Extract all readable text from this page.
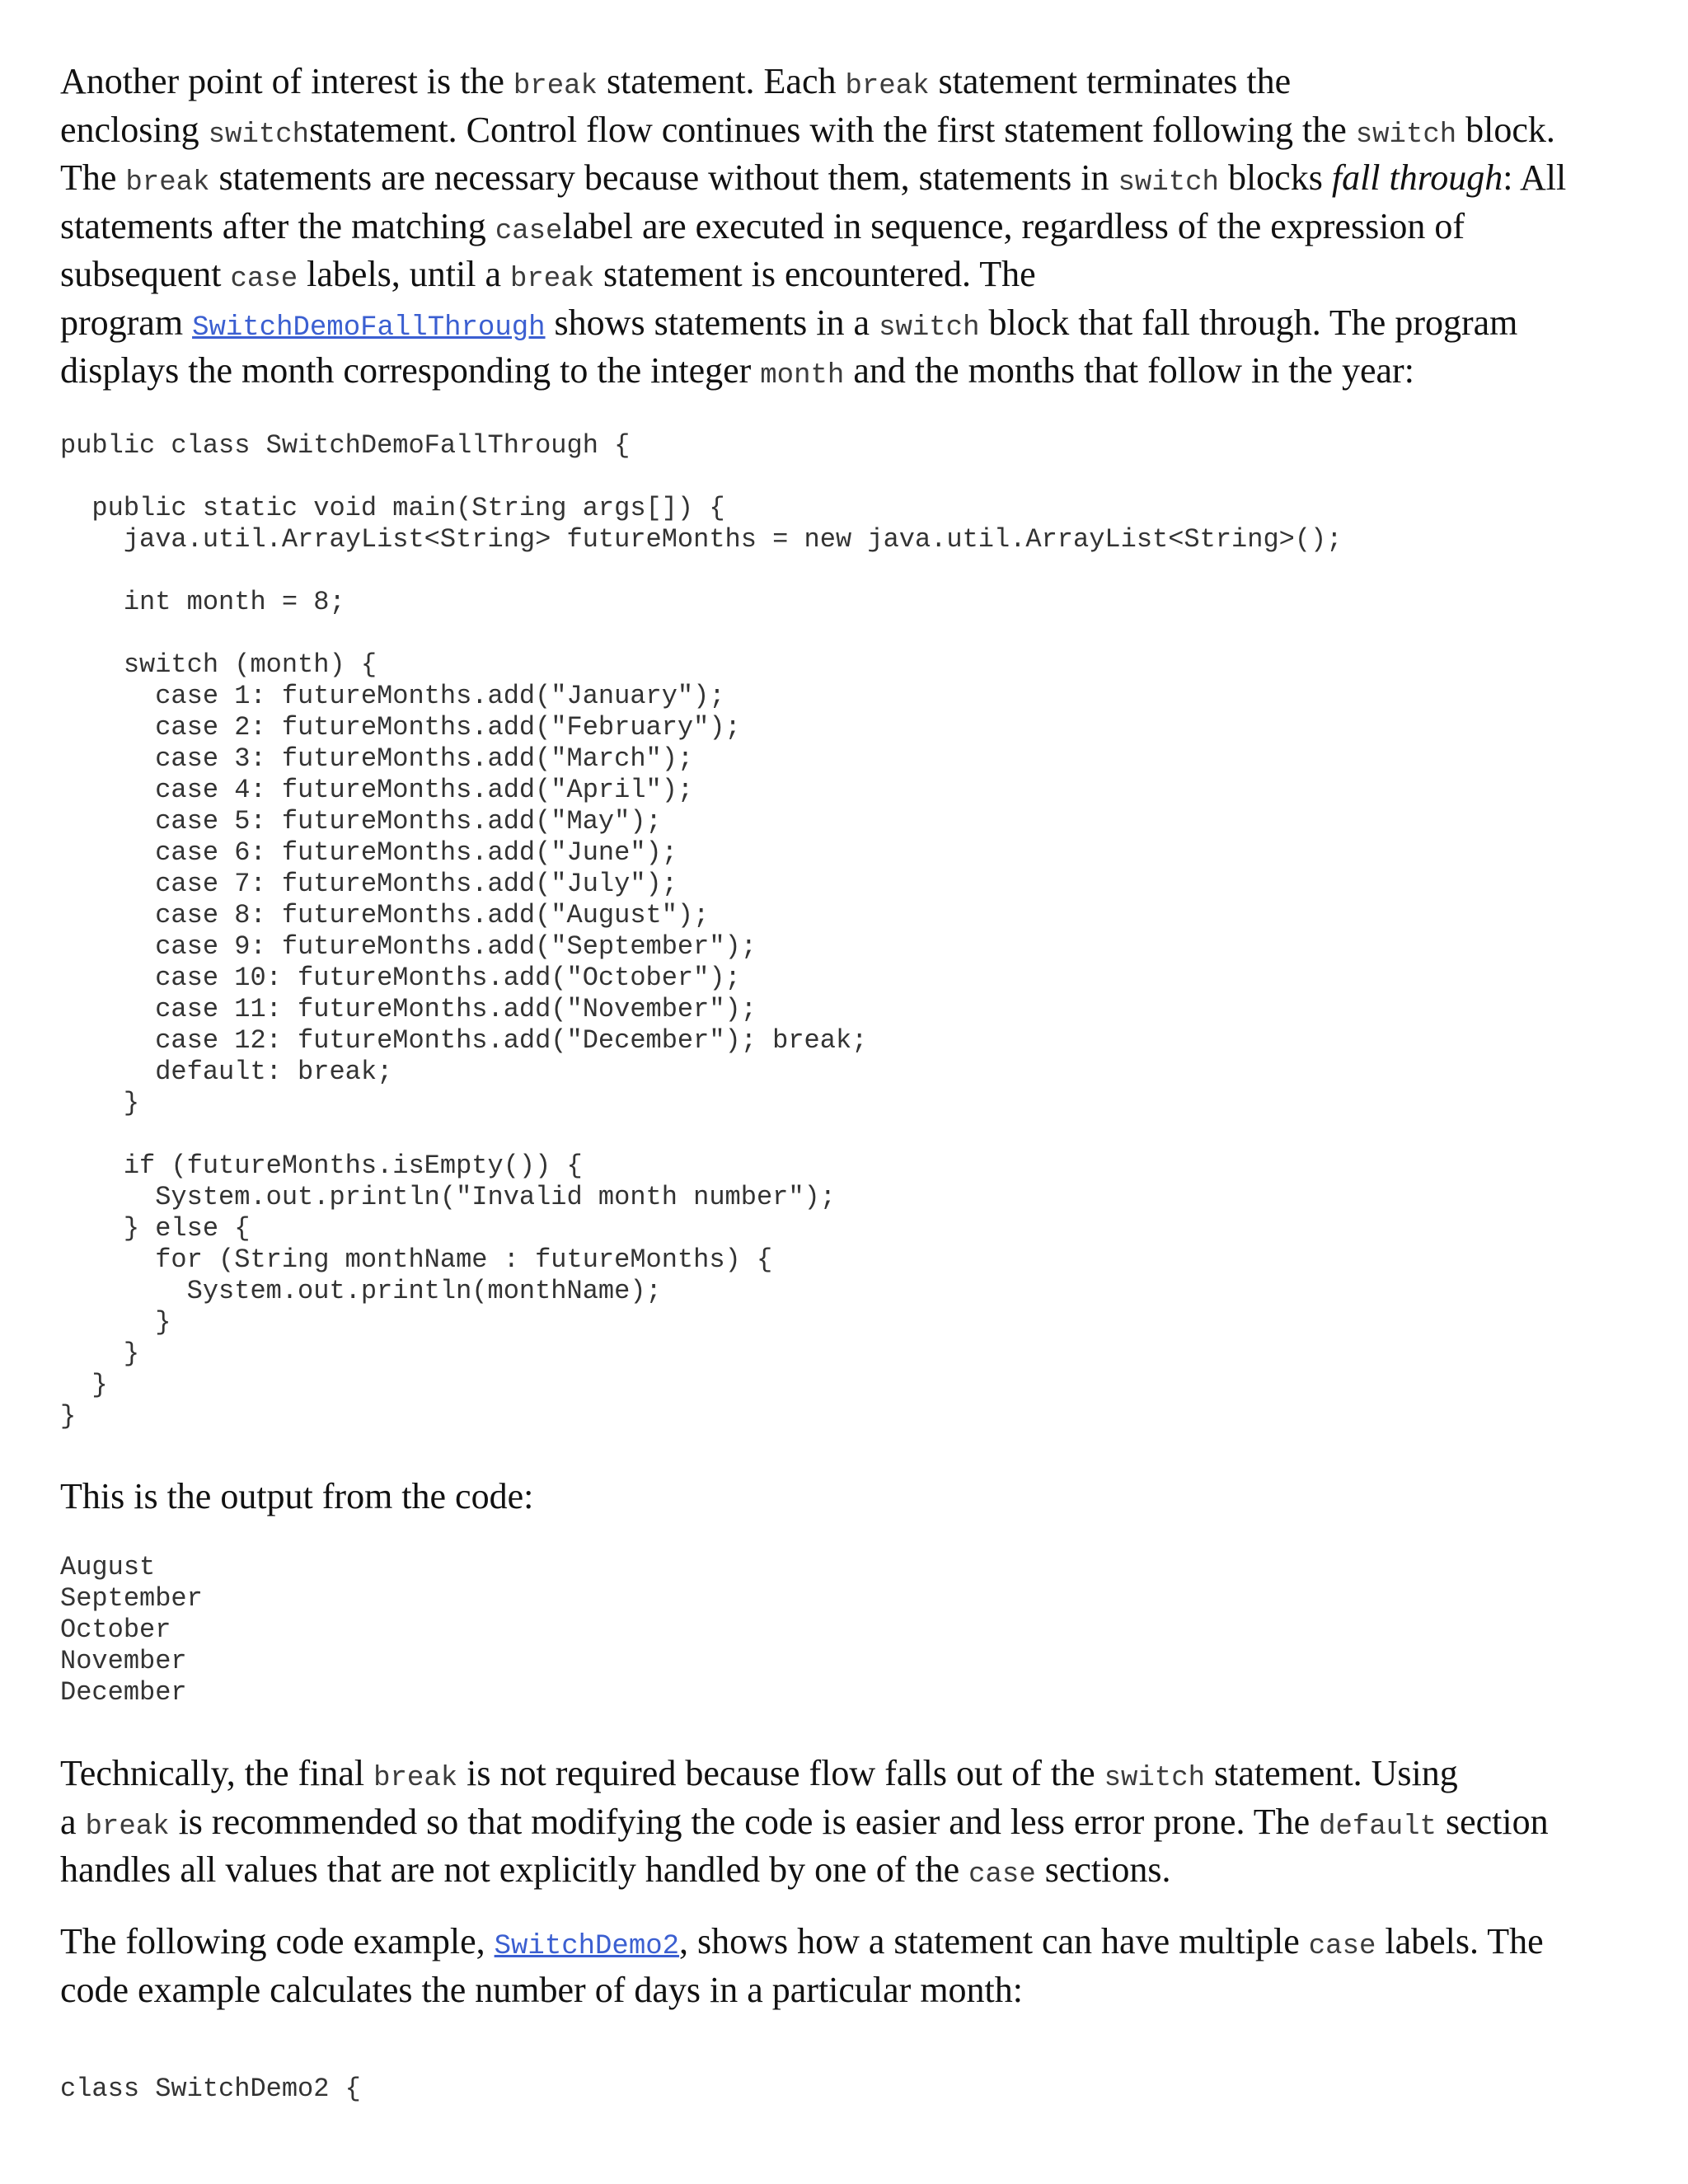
Another point of interest is the break statement. Each break statement terminates the
enclosing switchstatement. Control flow continues with the first statement following the switch block.
The break statements are necessary because without them, statements in switch blocks fall through: All
statements after the matching caselabel are executed in sequence, regardless of the expression of
subsequent case labels, until a break statement is encountered. The
program SwitchDemoFallThrough shows statements in a switch block that fall through. The program
displays the month corresponding to the integer month and the months that follow in the year:
public class SwitchDemoFallThrough {
public static void main(String args[]) {
java.util.ArrayList<String> futureMonths = new java.util.ArrayList<String>();
int month = 8;
switch (month) {
case 1: futureMonths.add("January");
case 2: futureMonths.add("February");
case 3: futureMonths.add("March");
case 4: futureMonths.add("April");
case 5: futureMonths.add("May");
case 6: futureMonths.add("June");
case 7: futureMonths.add("July");
case 8: futureMonths.add("August");
case 9: futureMonths.add("September");
case 10: futureMonths.add("October");
case 11: futureMonths.add("November");
case 12: futureMonths.add("December"); break;
default: break;
}
if (futureMonths.isEmpty()) {
System.out.println("Invalid month number");
} else {
for (String monthName : futureMonths) {
System.out.println(monthName);
}
}
}
}
This is the output from the code:
August
September
October
November
December
Technically, the final break is not required because flow falls out of the switch statement. Using
a break is recommended so that modifying the code is easier and less error prone. The default section
handles all values that are not explicitly handled by one of the case sections.
The following code example, SwitchDemo2, shows how a statement can have multiple case labels. The
code example calculates the number of days in a particular month:
class SwitchDemo2 {
